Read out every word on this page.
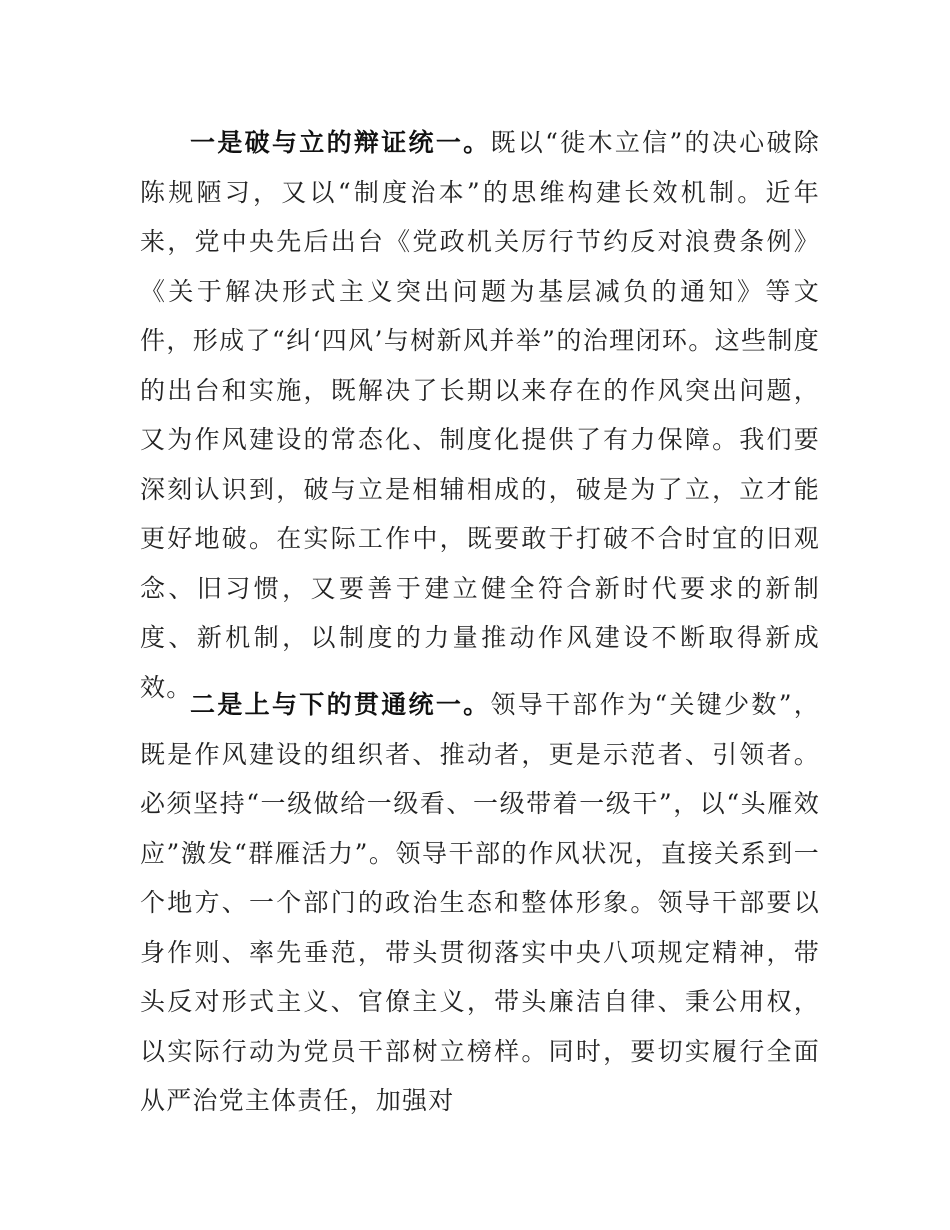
一是破与立的辩证统一。既以“徙木立信”的决心破除陈规陋习，又以“制度治本”的思维构建长效机制。近年来，党中央先后出台《党政机关厉行节约反对浪费条例》《关于解决形式主义突出问题为基层减负的通知》等文件，形成了“纠‘四风’与树新风并举”的治理闭环。这些制度的出台和实施，既解决了长期以来存在的作风突出问题，又为作风建设的常态化、制度化提供了有力保障。我们要深刻认识到，破与立是相辅相成的，破是为了立，立才能更好地破。在实际工作中，既要敢于打破不合时宜的旧观念、旧习惯，又要善于建立健全符合新时代要求的新制度、新机制，以制度的力量推动作风建设不断取得新成效。

二是上与下的贯通统一。领导干部作为“关键少数”，既是作风建设的组织者、推动者，更是示范者、引领者。必须坚持“一级做给一级看、一级带着一级干”，以“头雁效应”激发“群雁活力”。领导干部的作风状况，直接关系到一个地方、一个部门的政治生态和整体形象。领导干部要以身作则、率先垂范，带头贯彻落实中央八项规定精神，带头反对形式主义、官僚主义，带头廉洁自律、秉公用权，以实际行动为党员干部树立榜样。同时，要切实履行全面从严治党主体责任，加强对
